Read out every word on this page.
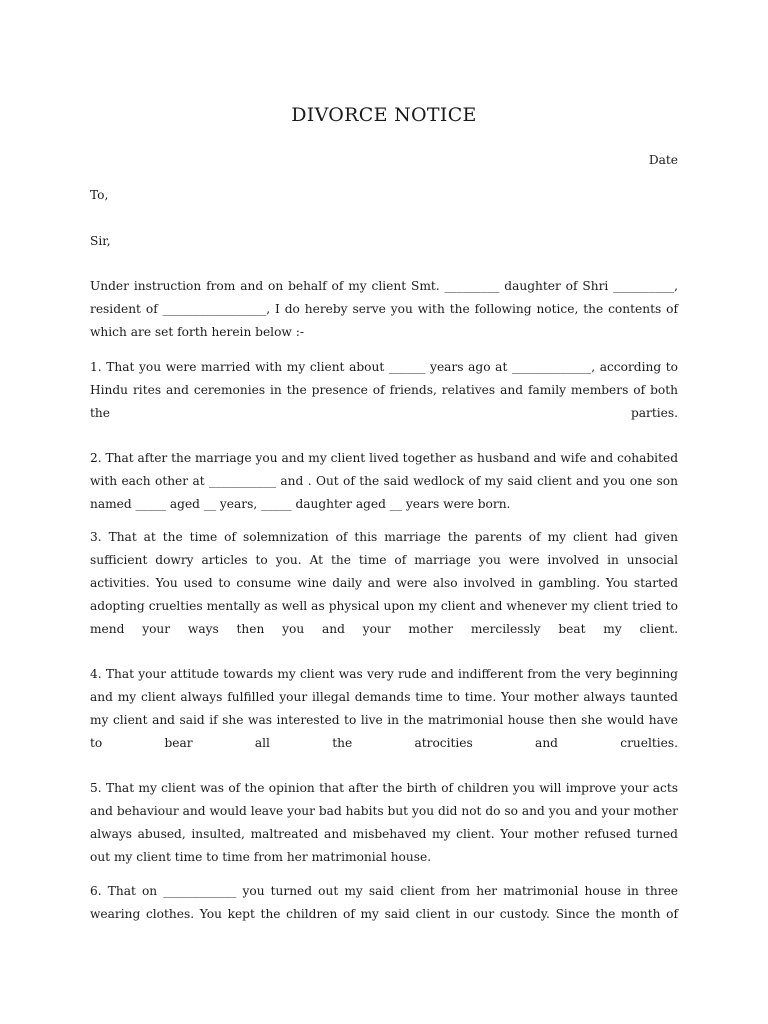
DIVORCE NOTICE
Date
To,
Sir,

Under instruction from and on behalf of my client Smt. _________ daughter of Shri __________, resident of _________________, I do hereby serve you with the following notice, the contents of which are set forth herein below :-

1. That you were married with my client about ______ years ago at _____________, according to Hindu rites and ceremonies in the presence of friends, relatives and family members of both the parties.

2. That after the marriage you and my client lived together as husband and wife and cohabited with each other at ___________ and . Out of the said wedlock of my said client and you one son named _____ aged __ years, _____ daughter aged __ years were born.

3. That at the time of solemnization of this marriage the parents of my client had given sufficient dowry articles to you. At the time of marriage you were involved in unsocial activities. You used to consume wine daily and were also involved in gambling. You started adopting cruelties mentally as well as physical upon my client and whenever my client tried to mend your ways then you and your mother mercilessly beat my client.

4. That your attitude towards my client was very rude and indifferent from the very beginning and my client always fulfilled your illegal demands time to time. Your mother always taunted my client and said if she was interested to live in the matrimonial house then she would have to bear all the atrocities and cruelties.

5. That my client was of the opinion that after the birth of children you will improve your acts and behaviour and would leave your bad habits but you did not do so and you and your mother always abused, insulted, maltreated and misbehaved my client. Your mother refused turned out my client time to time from her matrimonial house.

6. That on ____________ you turned out my said client from her matrimonial house in three wearing clothes. You kept the children of my said client in our custody. Since the month of
